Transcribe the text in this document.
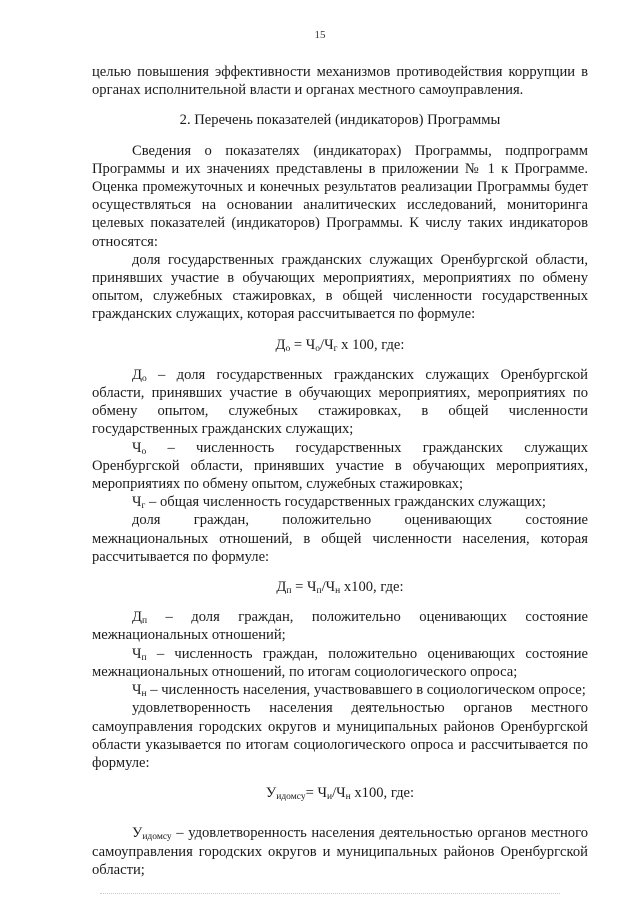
15

целью повышения эффективности механизмов противодействия коррупции в органах исполнительной власти и органах местного самоуправления.

2. Перечень показателей (индикаторов) Программы

Сведения о показателях (индикаторах) Программы, подпрограмм Программы и их значениях представлены в приложении № 1 к Программе. Оценка промежуточных и конечных результатов реализации Программы будет осуществляться на основании аналитических исследований, мониторинга целевых показателей (индикаторов) Программы. К числу таких индикаторов относятся:

доля государственных гражданских служащих Оренбургской области, принявших участие в обучающих мероприятиях, мероприятиях по обмену опытом, служебных стажировках, в общей численности государственных гражданских служащих, которая рассчитывается по формуле:

$Д_о = Ч_о/Ч_г$ х 100, где:

$Д_о$ – доля государственных гражданских служащих Оренбургской области, принявших участие в обучающих мероприятиях, мероприятиях по обмену опытом, служебных стажировках, в общей численности государственных гражданских служащих;

$Ч_о$ – численность государственных гражданских служащих Оренбургской области, принявших участие в обучающих мероприятиях, мероприятиях по обмену опытом, служебных стажировках;

$Ч_г$ – общая численность государственных гражданских служащих;

доля граждан, положительно оценивающих состояние межнациональных отношений, в общей численности населения, которая рассчитывается по формуле:

$Д_п = Ч_п/Ч_н$ х100, где:

$Д_п$ – доля граждан, положительно оценивающих состояние межнациональных отношений;

$Ч_п$ – численность граждан, положительно оценивающих состояние межнациональных отношений, по итогам социологического опроса;

$Ч_н$ – численность населения, участвовавшего в социологическом опросе;

удовлетворенность населения деятельностью органов местного самоуправления городских округов и муниципальных районов Оренбургской области указывается по итогам социологического опроса и рассчитывается по формуле:

$У_{идомсу}= Ч_и/Ч_н$ х100, где:

$У_{идомсу}$ – удовлетворенность населения деятельностью органов местного самоуправления городских округов и муниципальных районов Оренбургской области;
